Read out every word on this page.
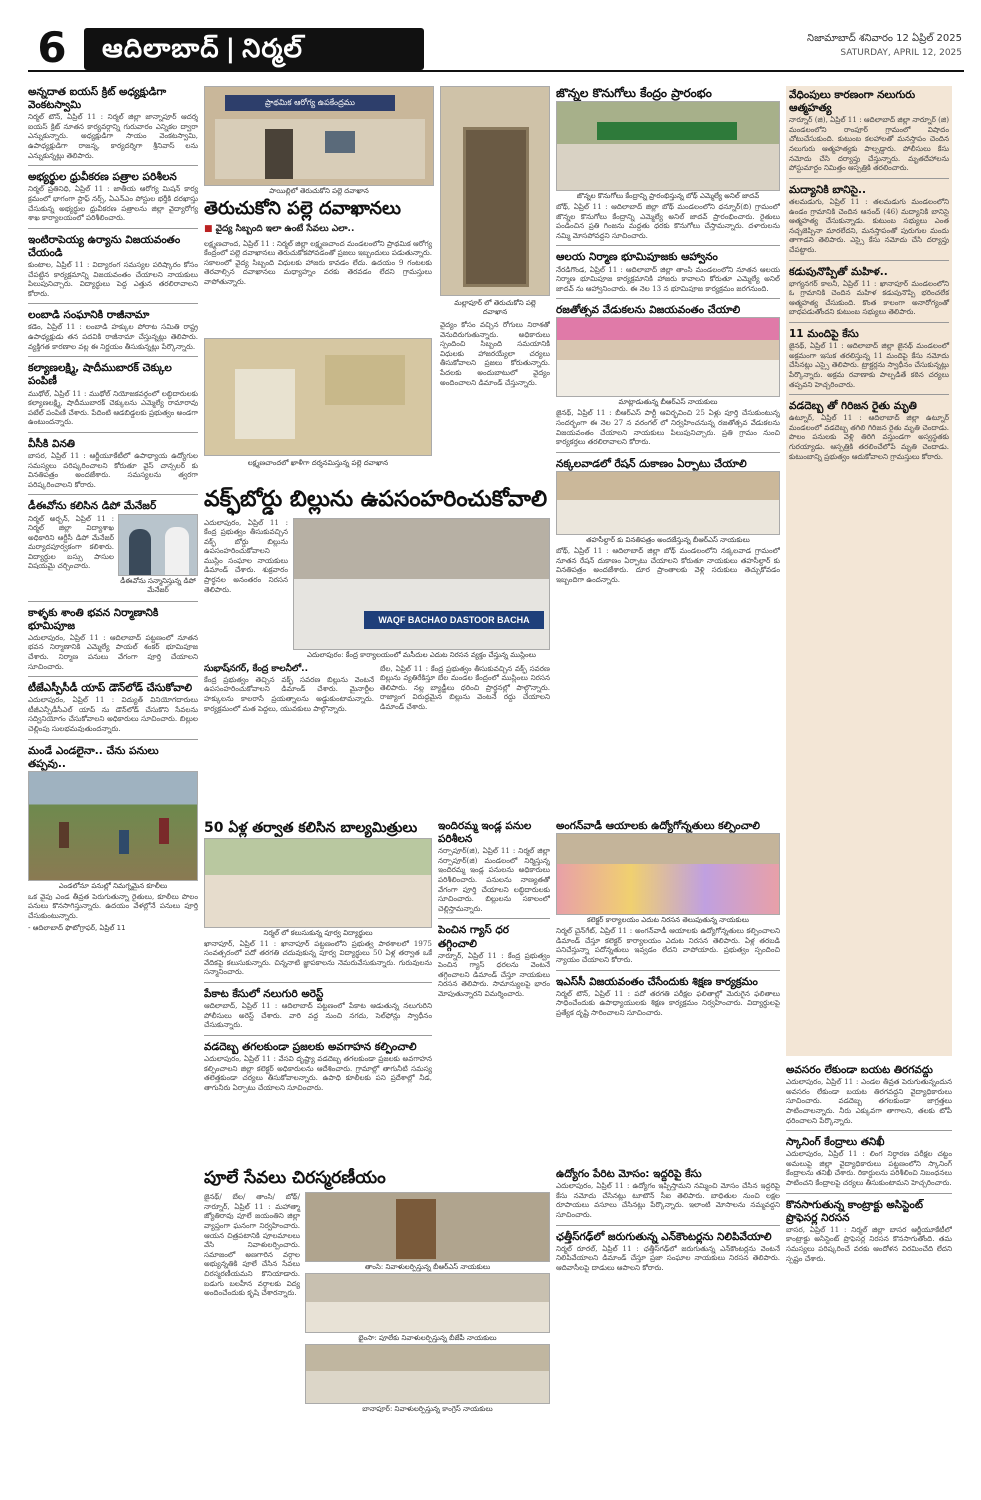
6	ఆదిలాబాద్ | నిర్మల్	నిజామాబాద్ శనివారం 12 ఏప్రిల్ 2025
SATURDAY, APRIL 12, 2025
అన్నదాత ఐయస్ క్రిట్ అధ్యక్షుడిగా వెంకటస్వామి
నిర్మల్ టౌన్, ఏప్రిల్ 11 : నిర్మల్ జిల్లా జాన్నాపూర్ ఆదర్శ ఐయస్ క్రిట్ నూతన కార్యవర్గాన్ని గురువారం ఎన్నికల ద్వారా ఎన్నుకున్నారు. అధ్యక్షుడిగా సాయం వెంకటస్వామి, ఉపాధ్యక్షుడిగా రాజన్న, కార్యదర్శిగా శ్రీనివాస్ లను ఎన్నుకున్నట్లు తెలిపారు.
అభ్యర్థుల ధ్రువీకరణ పత్రాల పరిశీలన
నిర్మల్ ప్రతినిధి, ఏప్రిల్ 11 : జాతీయ ఆరోగ్య మిషన్ కార్య క్రమంలో భాగంగా స్టాఫ్ నర్స్, ఏఎన్ఎం పోస్టుల భర్తీకి దరఖాస్తు చేసుకున్న అభ్యర్థుల ధ్రువీకరణ పత్రాలను జిల్లా వైద్యారోగ్య శాఖ కార్యాలయంలో పరిశీలించారు.
ఇంటిరాపెయ్య ఉర్యాను విజయవంతం చేయండి
కుంటాల, ఏప్రిల్ 11 : విద్యారంగ సమస్యల పరిష్కారం కోసం చేపట్టిన కార్యక్రమాన్ని విజయవంతం చేయాలని నాయకులు పిలుపునిచ్చారు. విద్యార్థులు పెద్ద ఎత్తున తరలిరావాలని కోరారు.
లంబాడి సంఘానికి రాజీనామా
కడెం, ఏప్రిల్ 11 : లంబాడి హక్కుల పోరాట సమితి రాష్ట్ర ఉపాధ్యక్షుడు తన పదవికి రాజీనామా చేస్తున్నట్లు తెలిపారు. వ్యక్తిగత కారణాల వల్ల ఈ నిర్ణయం తీసుకున్నట్లు పేర్కొన్నారు.
కల్యాణలక్ష్మి, షాదీముబారక్ చెక్కుల పంపిణీ
ముథోల్, ఏప్రిల్ 11 : ముథోల్ నియోజకవర్గంలో లబ్ధిదారులకు కల్యాణలక్ష్మి, షాదీముబారక్ చెక్కులను ఎమ్మెల్యే రామారావు పటేల్ పంపిణీ చేశారు. పేదింటి ఆడబిడ్డలకు ప్రభుత్వం అండగా ఉంటుందన్నారు.
వీసీకి వినతి
బాసర, ఏప్రిల్ 11 : ఆర్జీయూకేటీలో ఉపాధ్యాయ ఉద్యోగుల సమస్యలు పరిష్కరించాలని కోరుతూ వైస్ చాన్సలర్ కు వినతిపత్రం అందజేశారు. సమస్యలను త్వరగా పరిష్కరించాలని కోరారు.
డీఈవోను కలిసిన డిపో మేనేజర్
నిర్మల్ అర్బన్, ఏప్రిల్ 11 : నిర్మల్ జిల్లా విద్యాశాఖ అధికారిని ఆర్టీసీ డిపో మేనేజర్ మర్యాదపూర్వకంగా కలిశారు. విద్యార్థుల బస్సు పాసుల విషయమై చర్చించారు.
డీఈవోను సన్మానిస్తున్న డిపో మేనేజర్
కాళ్ళకు శాంతి భవన నిర్మాణానికి భూమిపూజ
ఎదులాపురం, ఏప్రిల్ 11 : ఆదిలాబాద్ పట్టణంలో నూతన భవన నిర్మాణానికి ఎమ్మెల్యే పాయల్ శంకర్ భూమిపూజ చేశారు. నిర్మాణ పనులు వేగంగా పూర్తి చేయాలని సూచించారు.
టీజేఎస్పీసీడీ యాప్ డౌన్‌లోడ్ చేసుకోవాలి
ఎదులాపురం, ఏప్రిల్ 11 : విద్యుత్ వినియోగదారులు టీజీఎన్పీడీసీఎల్ యాప్ ను డౌన్‌లోడ్ చేసుకొని సేవలను సద్వినియోగం చేసుకోవాలని అధికారులు సూచించారు. బిల్లుల చెల్లింపు సులభమవుతుందన్నారు.
మండే ఎండలైనా.. చేను పనులు తప్పవు..
ఎండలోనూ పనుల్లో నిమగ్నమైన కూలీలు
ఒక వైపు ఎండ తీవ్రత పెరుగుతున్నా రైతులు, కూలీలు పొలం పనులు కొనసాగిస్తున్నారు. ఉదయం వేళల్లోనే పనులు పూర్తి చేసుకుంటున్నారు.
- ఆదిలాబాద్ ఫొటోగ్రాఫర్, ఏప్రిల్ 11
ప్రాథమిక ఆరోగ్య ఉపకేంద్రము
పాయిల్లిలో తెరుచుకోని పల్లె దవాఖాన
తెరుచుకోని పల్లె దవాఖానలు
■ వైద్య సిబ్బంది ఇలా ఉంటే సేవలు ఎలా..
లక్ష్మణచాంద, ఏప్రిల్ 11 : నిర్మల్ జిల్లా లక్ష్మణచాంద మండలంలోని ప్రాథమిక ఆరోగ్య కేంద్రంలో పల్లె దవాఖానలు తెరుచుకోకపోవడంతో ప్రజలు ఇబ్బందులు పడుతున్నారు. సకాలంలో వైద్య సిబ్బంది విధులకు హాజరు కావడం లేదు. ఉదయం 9 గంటలకు తెరవాల్సిన దవాఖానలు మధ్యాహ్నం వరకు తెరవడం లేదని గ్రామస్తులు వాపోతున్నారు.
మల్లాపూర్ లో తెరుచుకోని పల్లె దవాఖాన
వైద్యం కోసం వచ్చిన రోగులు నిరాశతో వెనుదిరుగుతున్నారు. అధికారులు స్పందించి సిబ్బంది సమయానికి విధులకు హాజరయ్యేలా చర్యలు తీసుకోవాలని ప్రజలు కోరుతున్నారు. పేదలకు అందుబాటులో వైద్యం అందించాలని డిమాండ్ చేస్తున్నారు.
లక్ష్మణచాందలో ఖాళీగా దర్శనమిస్తున్న పల్లె దవాఖాన
వక్ఫ్‌బోర్డు బిల్లును ఉపసంహరించుకోవాలి
ఎదులాపురం, ఏప్రిల్ 11 : కేంద్ర ప్రభుత్వం తీసుకువచ్చిన వక్ఫ్ బోర్డు బిల్లును ఉపసంహరించుకోవాలని ముస్లిం సంఘాల నాయకులు డిమాండ్ చేశారు. శుక్రవారం ప్రార్థనల అనంతరం నిరసన తెలిపారు.
WAQF BACHAO DASTOOR BACHA
ఎదులాపురం: కేంద్ర కార్యాలయంలో మసీదుల ఎదుట నిరసన వ్యక్తం చేస్తున్న ముస్లింలు
సుభాష్‌నగర్, కేంద్ర కాలనీలో..
కేంద్ర ప్రభుత్వం తెచ్చిన వక్ఫ్ సవరణ బిల్లును వెంటనే ఉపసంహరించుకోవాలని డిమాండ్ చేశారు. మైనార్టీల హక్కులను కాలరాసే ప్రయత్నాలను అడ్డుకుంటామన్నారు. కార్యక్రమంలో మత పెద్దలు, యువకులు పాల్గొన్నారు.
బేల, ఏప్రిల్ 11 : కేంద్ర ప్రభుత్వం తీసుకువచ్చిన వక్ఫ్ సవరణ బిల్లును వ్యతిరేకిస్తూ బేల మండల కేంద్రంలో ముస్లింలు నిరసన తెలిపారు. నల్ల బ్యాడ్జీలు ధరించి ప్రార్థనల్లో పాల్గొన్నారు. రాజ్యాంగ విరుద్ధమైన బిల్లును వెంటనే రద్దు చేయాలని డిమాండ్ చేశారు.
జొన్నల కొనుగోలు కేంద్రం ప్రారంభం
జొన్నల కొనుగోలు కేంద్రాన్ని ప్రారంభిస్తున్న బోథ్ ఎమ్మెల్యే అనిల్ జాదవ్
బోథ్, ఏప్రిల్ 11 : ఆదిలాబాద్ జిల్లా బోథ్ మండలంలోని ధన్నూర్(బి) గ్రామంలో జొన్నల కొనుగోలు కేంద్రాన్ని ఎమ్మెల్యే అనిల్ జాదవ్ ప్రారంభించారు. రైతులు పండించిన ప్రతి గింజను మద్దతు ధరకు కొనుగోలు చేస్తామన్నారు. దళారులను నమ్మి మోసపోవద్దని సూచించారు.
ఆలయ నిర్మాణ భూమిపూజకు ఆహ్వానం
నేరడిగొండ, ఏప్రిల్ 11 : ఆదిలాబాద్ జిల్లా తాంసి మండలంలోని నూతన ఆలయ నిర్మాణ భూమిపూజ కార్యక్రమానికి హాజరు కావాలని కోరుతూ ఎమ్మెల్యే అనిల్ జాదవ్ ను ఆహ్వానించారు. ఈ నెల 13 న భూమిపూజ కార్యక్రమం జరగనుంది.
రజతోత్సవ వేడుకలను విజయవంతం చేయాలి
మాట్లాడుతున్న బీఆర్ఎస్ నాయకులు
జైనథ్, ఏప్రిల్ 11 : బీఆర్ఎస్ పార్టీ ఆవిర్భవించి 25 ఏళ్లు పూర్తి చేసుకుంటున్న సందర్భంగా ఈ నెల 27 న వరంగల్ లో నిర్వహించనున్న రజతోత్సవ వేడుకలను విజయవంతం చేయాలని నాయకులు పిలుపునిచ్చారు. ప్రతి గ్రామం నుంచి కార్యకర్తలు తరలిరావాలని కోరారు.
నక్కలవాడలో రేషన్ దుకాణం ఏర్పాటు చేయాలి
తహసీల్దార్ కు వినతిపత్రం అందజేస్తున్న బీఆర్ఎస్ నాయకులు
బోథ్, ఏప్రిల్ 11 : ఆదిలాబాద్ జిల్లా బోథ్ మండలంలోని నక్కలవాడ గ్రామంలో నూతన రేషన్ దుకాణం ఏర్పాటు చేయాలని కోరుతూ నాయకులు తహసీల్దార్ కు వినతిపత్రం అందజేశారు. దూర ప్రాంతాలకు వెళ్లి సరుకులు తెచ్చుకోవడం ఇబ్బందిగా ఉందన్నారు.
వేధింపులు కారణంగా నలుగురు ఆత్మహత్య
నార్నూర్ (జి), ఏప్రిల్ 11 : ఆదిలాబాద్ జిల్లా నార్నూర్ (జి) మండలంలోని రాంపూర్ గ్రామంలో విషాదం చోటుచేసుకుంది. కుటుంబ కలహాలతో మనస్తాపం చెందిన నలుగురు ఆత్మహత్యకు పాల్పడ్డారు. పోలీసులు కేసు నమోదు చేసి దర్యాప్తు చేస్తున్నారు. మృతదేహాలను పోస్టుమార్టం నిమిత్తం ఆస్పత్రికి తరలించారు.
మద్యానికి బానిసై..
తలమడుగు, ఏప్రిల్ 11 : తలమడుగు మండలంలోని ఉండం గ్రామానికి చెందిన ఆనంద్ (46) మద్యానికి బానిసై ఆత్మహత్య చేసుకున్నాడు. కుటుంబ సభ్యులు ఎంత నచ్చజెప్పినా మారలేదని, మనస్తాపంతో పురుగుల మందు తాగాడని తెలిపారు. ఎస్సై కేసు నమోదు చేసి దర్యాప్తు చేపట్టారు.
కడుపునొప్పితో మహిళ..
భాగ్యనగర్ కాలనీ, ఏప్రిల్ 11 : ఖానాపూర్ మండలంలోని ఓ గ్రామానికి చెందిన మహిళ కడుపునొప్పి భరించలేక ఆత్మహత్య చేసుకుంది. కొంత కాలంగా అనారోగ్యంతో బాధపడుతోందని కుటుంబ సభ్యులు తెలిపారు.
11 మందిపై కేసు
జైనథ్, ఏప్రిల్ 11 : ఆదిలాబాద్ జిల్లా జైనథ్ మండలంలో అక్రమంగా ఇసుక తరలిస్తున్న 11 మందిపై కేసు నమోదు చేసినట్లు ఎస్సై తెలిపారు. ట్రాక్టర్లను స్వాధీనం చేసుకున్నట్లు పేర్కొన్నారు. అక్రమ రవాణాకు పాల్పడితే కఠిన చర్యలు తప్పవని హెచ్చరించారు.
వడదెబ్బ తో గిరిజన రైతు మృతి
ఉట్నూర్, ఏప్రిల్ 11 : ఆదిలాబాద్ జిల్లా ఉట్నూర్ మండలంలో వడదెబ్బ తగిలి గిరిజన రైతు మృతి చెందాడు. పొలం పనులకు వెళ్లి తిరిగి వస్తుండగా అస్వస్థతకు గురయ్యాడు. ఆస్పత్రికి తరలించేలోపే మృతి చెందాడు. కుటుంబాన్ని ప్రభుత్వం ఆదుకోవాలని గ్రామస్తులు కోరారు.
అవసరం లేకుండా బయట తిరగవద్దు
ఎదులాపురం, ఏప్రిల్ 11 : ఎండల తీవ్రత పెరుగుతున్నందున అవసరం లేకుండా బయట తిరగవద్దని వైద్యాధికారులు సూచించారు. వడదెబ్బ తగలకుండా జాగ్రత్తలు పాటించాలన్నారు. నీరు ఎక్కువగా తాగాలని, తలకు టోపీ ధరించాలని పేర్కొన్నారు.
స్కానింగ్ కేంద్రాలు తనిఖీ
ఎదులాపురం, ఏప్రిల్ 11 : లింగ నిర్ధారణ పరీక్షల చట్టం అమలుపై జిల్లా వైద్యాధికారులు పట్టణంలోని స్కానింగ్ కేంద్రాలను తనిఖీ చేశారు. రికార్డులను పరిశీలించి నిబంధనలు పాటించని కేంద్రాలపై చర్యలు తీసుకుంటామని హెచ్చరించారు.
కొనసాగుతున్న కాంట్రాక్టు అసిస్టెంట్ ప్రొఫెసర్ల నిరసన
బాసర, ఏప్రిల్ 11 : నిర్మల్ జిల్లా బాసర ఆర్జీయూకేటీలో కాంట్రాక్టు అసిస్టెంట్ ప్రొఫెసర్ల నిరసన కొనసాగుతోంది. తమ సమస్యలు పరిష్కరించే వరకు ఆందోళన విరమించేది లేదని స్పష్టం చేశారు.
50 ఏళ్ల తర్వాత కలిసిన బాల్యమిత్రులు
నిర్మల్ లో కలుసుకున్న పూర్వ విద్యార్థులు
ఖానాపూర్, ఏప్రిల్ 11 : ఖానాపూర్ పట్టణంలోని ప్రభుత్వ పాఠశాలలో 1975 సంవత్సరంలో పదో తరగతి చదువుకున్న పూర్వ విద్యార్థులు 50 ఏళ్ల తర్వాత ఒకే వేదికపై కలుసుకున్నారు. చిన్ననాటి జ్ఞాపకాలను నెమరువేసుకున్నారు. గురువులను సన్మానించారు.
పేకాట కేసులో నలుగురి అరెస్ట్
ఆదిలాబాద్, ఏప్రిల్ 11 : ఆదిలాబాద్ పట్టణంలో పేకాట ఆడుతున్న నలుగురిని పోలీసులు అరెస్ట్ చేశారు. వారి వద్ద నుంచి నగదు, సెల్‌ఫోన్లు స్వాధీనం చేసుకున్నారు.
వడదెబ్బ తగలకుండా ప్రజలకు అవగాహన కల్పించాలి
ఎదులాపురం, ఏప్రిల్ 11 : వేసవి దృష్ట్యా వడదెబ్బ తగలకుండా ప్రజలకు అవగాహన కల్పించాలని జిల్లా కలెక్టర్ అధికారులను ఆదేశించారు. గ్రామాల్లో తాగునీటి సమస్య తలెత్తకుండా చర్యలు తీసుకోవాలన్నారు. ఉపాధి కూలీలకు పని ప్రదేశాల్లో నీడ, తాగునీరు ఏర్పాటు చేయాలని సూచించారు.
ఇందిరమ్మ ఇండ్ల పనుల పరిశీలన
నర్సాపూర్(జి), ఏప్రిల్ 11 : నిర్మల్ జిల్లా నర్సాపూర్(జి) మండలంలో నిర్మిస్తున్న ఇందిరమ్మ ఇండ్ల పనులను అధికారులు పరిశీలించారు. పనులను నాణ్యతతో వేగంగా పూర్తి చేయాలని లబ్ధిదారులకు సూచించారు. బిల్లులను సకాలంలో చెల్లిస్తామన్నారు.
పెంచిన గ్యాస్ ధర తగ్గించాలి
నార్నూర్, ఏప్రిల్ 11 : కేంద్ర ప్రభుత్వం పెంచిన గ్యాస్ ధరలను వెంటనే తగ్గించాలని డిమాండ్ చేస్తూ నాయకులు నిరసన తెలిపారు. సామాన్యులపై భారం మోపుతున్నారని విమర్శించారు.
అంగన్‌వాడీ ఆయాలకు ఉద్యోగోన్నతులు కల్పించాలి
కలెక్టర్ కార్యాలయం ఎదుట నిరసన తెలుపుతున్న నాయకులు
నిర్మల్ చైన్‌గేట్, ఏప్రిల్ 11 : అంగన్‌వాడీ ఆయాలకు ఉద్యోగోన్నతులు కల్పించాలని డిమాండ్ చేస్తూ కలెక్టర్ కార్యాలయం ఎదుట నిరసన తెలిపారు. ఏళ్ల తరబడి పనిచేస్తున్నా పదోన్నతులు ఇవ్వడం లేదని వాపోయారు. ప్రభుత్వం స్పందించి న్యాయం చేయాలని కోరారు.
ఇఎస్‌సీ విజయవంతం చేసేందుకు శిక్షణ కార్యక్రమం
నిర్మల్ టౌన్, ఏప్రిల్ 11 : పదో తరగతి పరీక్షల ఫలితాల్లో మెరుగైన ఫలితాలు సాధించేందుకు ఉపాధ్యాయులకు శిక్షణ కార్యక్రమం నిర్వహించారు. విద్యార్థులపై ప్రత్యేక దృష్టి సారించాలని సూచించారు.
పూలే సేవలు చిరస్మరణీయం
జైనథ్/ బేల/ తాంసి/ బోథ్/ నార్నూర్, ఏప్రిల్ 11 : మహాత్మా జ్యోతిరావు పూలే జయంతిని జిల్లా వ్యాప్తంగా ఘనంగా నిర్వహించారు. ఆయన చిత్రపటానికి పూలమాలలు వేసి నివాళులర్పించారు. సమాజంలో అణగారిన వర్గాల అభ్యున్నతికి పూలే చేసిన సేవలు చిరస్మరణీయమని కొనియాడారు. బడుగు బలహీన వర్గాలకు విద్య అందించేందుకు కృషి చేశారన్నారు.
తాంసి: నివాళులర్పిస్తున్న బీఆర్ఎస్ నాయకులు
భైంసా: పూలేకు నివాళులర్పిస్తున్న బీజేపీ నాయకులు
బానాపూర్: నివాళులర్పిస్తున్న కాంగ్రెస్ నాయకులు
ఉద్యోగం పేరిట మోసం: ఇద్దరిపై కేసు
ఎదులాపురం, ఏప్రిల్ 11 : ఉద్యోగం ఇప్పిస్తామని నమ్మించి మోసం చేసిన ఇద్దరిపై కేసు నమోదు చేసినట్లు టూటౌన్ సీఐ తెలిపారు. బాధితుల నుంచి లక్షల రూపాయలు వసూలు చేసినట్లు పేర్కొన్నారు. ఇలాంటి మోసాలను నమ్మవద్దని సూచించారు.
ఛత్తీస్‌గఢ్‌లో జరుగుతున్న ఎన్‌కౌంటర్లను నిలిపివేయాలి
నిర్మల్ రూరల్, ఏప్రిల్ 11 : ఛత్తీస్‌గఢ్‌లో జరుగుతున్న ఎన్‌కౌంటర్లను వెంటనే నిలిపివేయాలని డిమాండ్ చేస్తూ ప్రజా సంఘాల నాయకులు నిరసన తెలిపారు. ఆదివాసీలపై దాడులు ఆపాలని కోరారు.
